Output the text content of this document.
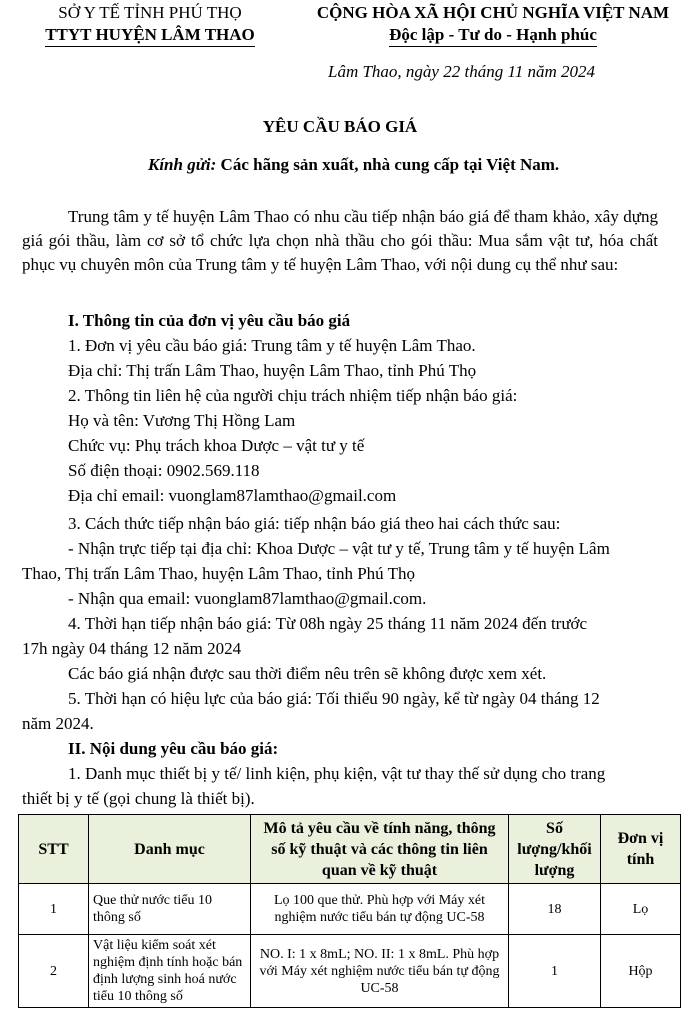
SỞ Y TẾ TỈNH PHÚ THỌ
TTYT HUYỆN LÂM THAO
CỘNG HÒA XÃ HỘI CHỦ NGHĨA VIỆT NAM
Độc lập - Tư do - Hạnh phúc
Lâm Thao, ngày 22 tháng 11 năm 2024
YÊU CẦU BÁO GIÁ
Kính gửi: Các hãng sản xuất, nhà cung cấp tại Việt Nam.
Trung tâm y tế huyện Lâm Thao có nhu cầu tiếp nhận báo giá để tham khảo, xây dựng giá gói thầu, làm cơ sở tổ chức lựa chọn nhà thầu cho gói thầu: Mua sắm vật tư, hóa chất phục vụ chuyên môn của Trung tâm y tế huyện Lâm Thao, với nội dung cụ thể như sau:
I. Thông tin của đơn vị yêu cầu báo giá
1. Đơn vị yêu cầu báo giá: Trung tâm y tế huyện Lâm Thao.
Địa chỉ: Thị trấn Lâm Thao, huyện Lâm Thao, tỉnh Phú Thọ
2. Thông tin liên hệ của người chịu trách nhiệm tiếp nhận báo giá:
Họ và tên: Vương Thị Hồng Lam
Chức vụ: Phụ trách khoa Dược – vật tư y tế
Số điện thoại: 0902.569.118
Địa chỉ email: vuonglam87lamthao@gmail.com
3. Cách thức tiếp nhận báo giá: tiếp nhận báo giá theo hai cách thức sau:
- Nhận trực tiếp tại địa chỉ: Khoa Dược – vật tư y tế, Trung tâm y tế huyện Lâm
Thao, Thị trấn Lâm Thao, huyện Lâm Thao, tỉnh Phú Thọ
- Nhận qua email: vuonglam87lamthao@gmail.com.
4. Thời hạn tiếp nhận báo giá: Từ 08h ngày 25 tháng 11 năm 2024 đến trước
17h ngày 04 tháng 12 năm 2024
Các báo giá nhận được sau thời điểm nêu trên sẽ không được xem xét.
5. Thời hạn có hiệu lực của báo giá: Tối thiểu 90 ngày, kể từ ngày 04 tháng 12
năm 2024.
II. Nội dung yêu cầu báo giá:
1. Danh mục thiết bị y tế/ linh kiện, phụ kiện, vật tư thay thế sử dụng cho trang
thiết bị y tế (gọi chung là thiết bị).
STT	Danh mục	Mô tả yêu cầu về tính năng, thông số kỹ thuật và các thông tin liên quan về kỹ thuật	Số lượng/khối lượng	Đơn vị tính
1	Que thử nước tiểu 10 thông số	Lọ 100 que thử. Phù hợp với Máy xét nghiệm nước tiểu bán tự động UC-58	18	Lọ
2	Vật liệu kiểm soát xét nghiệm định tính hoặc bán định lượng sinh hoá nước tiểu 10 thông số	NO. I: 1 x 8mL; NO. II: 1 x 8mL. Phù hợp với Máy xét nghiệm nước tiểu bán tự động UC-58	1	Hộp
